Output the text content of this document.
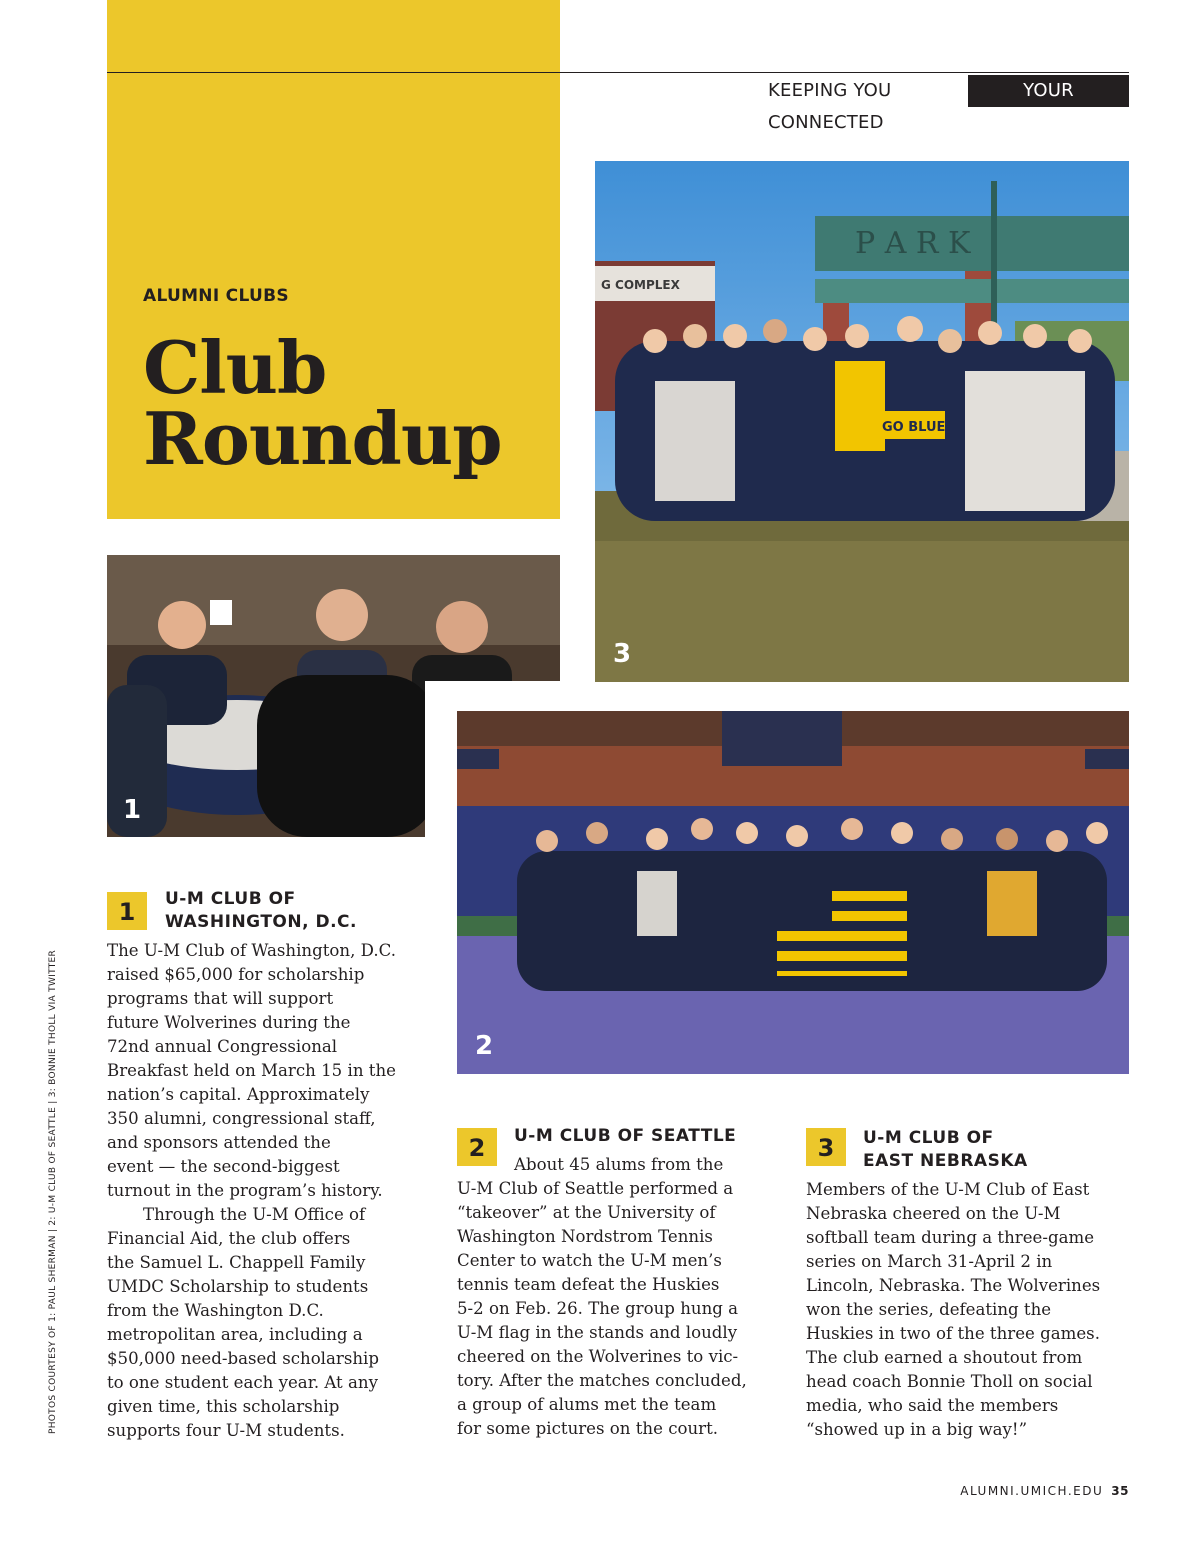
KEEPING YOU CONNECTED
YOUR ASSOCIATION
ALUMNI CLUBS
Club
Roundup
G COMPLEX
P A R K
GO BLUE!
3
1
2
PHOTOS COURTESY OF 1: PAUL SHERMAN | 2: U-M CLUB OF SEATTLE | 3: BONNIE THOLL VIA TWITTER
1	U-M CLUB OF
WASHINGTON, D.C.
The U-M Club of Washington, D.C.
raised $65,000 for scholarship
programs that will support
future Wolverines during the
72nd annual Congressional
Breakfast held on March 15 in the
nation’s capital. Approximately
350 alumni, congressional staff,
and sponsors attended the
event — the second-biggest
turnout in the program’s history.
Through the U-M Office of
Financial Aid, the club offers
the Samuel L. Chappell Family
UMDC Scholarship to students
from the Washington D.C.
metropolitan area, including a
$50,000 need-based scholarship
to one student each year. At any
given time, this scholarship
supports four U-M students.
2	U-M CLUB OF SEATTLE
About 45 alums from the
U-M Club of Seattle performed a
“takeover” at the University of
Washington Nordstrom Tennis
Center to watch the U-M men’s
tennis team defeat the Huskies
5-2 on Feb. 26. The group hung a
U-M flag in the stands and loudly
cheered on the Wolverines to vic-
tory. After the matches concluded,
a group of alums met the team
for some pictures on the court.
3	U-M CLUB OF
EAST NEBRASKA
Members of the U-M Club of East
Nebraska cheered on the U-M
softball team during a three-game
series on March 31-April 2 in
Lincoln, Nebraska. The Wolverines
won the series, defeating the
Huskies in two of the three games.
The club earned a shoutout from
head coach Bonnie Tholl on social
media, who said the members
“showed up in a big way!”
ALUMNI.UMICH.EDU 35
